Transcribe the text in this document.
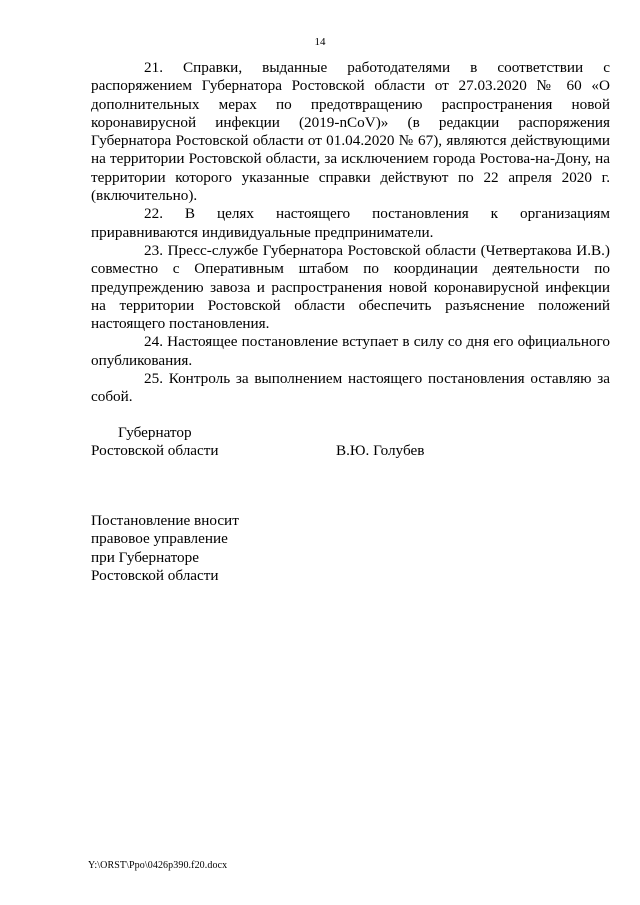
14

21. Справки, выданные работодателями в соответствии с распоряжением Губернатора Ростовской области от 27.03.2020 № 60 «О дополнительных мерах по предотвращению распространения новой коронавирусной инфекции (2019-nCoV)» (в редакции распоряжения Губернатора Ростовской области от 01.04.2020 № 67), являются действующими на территории Ростовской области, за исключением города Ростова-на-Дону, на территории которого указанные справки действуют по 22 апреля 2020 г. (включительно).

22. В целях настоящего постановления к организациям приравниваются индивидуальные предприниматели.

23. Пресс-службе Губернатора Ростовской области (Четвертакова И.В.) совместно с Оперативным штабом по координации деятельности по предупреждению завоза и распространения новой коронавирусной инфекции на территории Ростовской области обеспечить разъяснение положений настоящего постановления.

24. Настоящее постановление вступает в силу со дня его официального опубликования.

25. Контроль за выполнением настоящего постановления оставляю за собой.

Губернатор
Ростовской области	В.Ю. Голубев
Постановление вносит
правовое управление
при Губернаторе
Ростовской области
Y:\ORST\Ppo\0426p390.f20.docx
